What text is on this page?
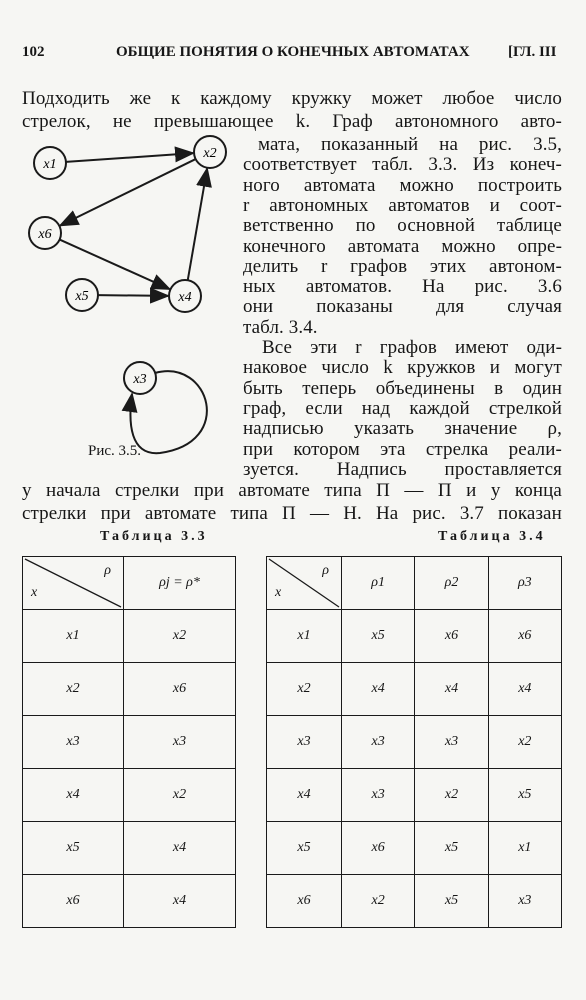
102	ОБЩИЕ ПОНЯТИЯ О КОНЕЧНЫХ АВТОМАТАХ	[ГЛ. III
Подходить же к каждому кружку может любое число
стрелок, не превышающее k. Граф автономного авто-
мата, показанный на рис. 3.5,
соответствует табл. 3.3. Из конеч-
ного автомата можно построить
r автономных автоматов и соот-
ветственно по основной таблице
конечного автомата можно опре-
делить r графов этих автоном-
ных автоматов. На рис. 3.6
они показаны для случая
табл. 3.4.
Все эти r графов имеют оди-
наковое число k кружков и могут
быть теперь объединены в один
граф, если над каждой стрелкой
надписью указать значение ρ,
при котором эта стрелка реали-
зуется. Надпись проставляется
x1
x2
x6
x5	x4
x3
Рис. 3.5.
у начала стрелки при автомате типа П — П и у конца
стрелки при автомате типа П — Н. На рис. 3.7 показан
Таблица 3.3	Таблица 3.4
x
ρ	ρj = ρ*
x1	x2
x2	x6
x3	x3
x4	x2
x5	x4
x6	x4
x
ρ	ρ1	ρ2	ρ3
x1	x5	x6	x6
x2	x4	x4	x4
x3	x3	x3	x2
x4	x3	x2	x5
x5	x6	x5	x1
x6	x2	x5	x3
